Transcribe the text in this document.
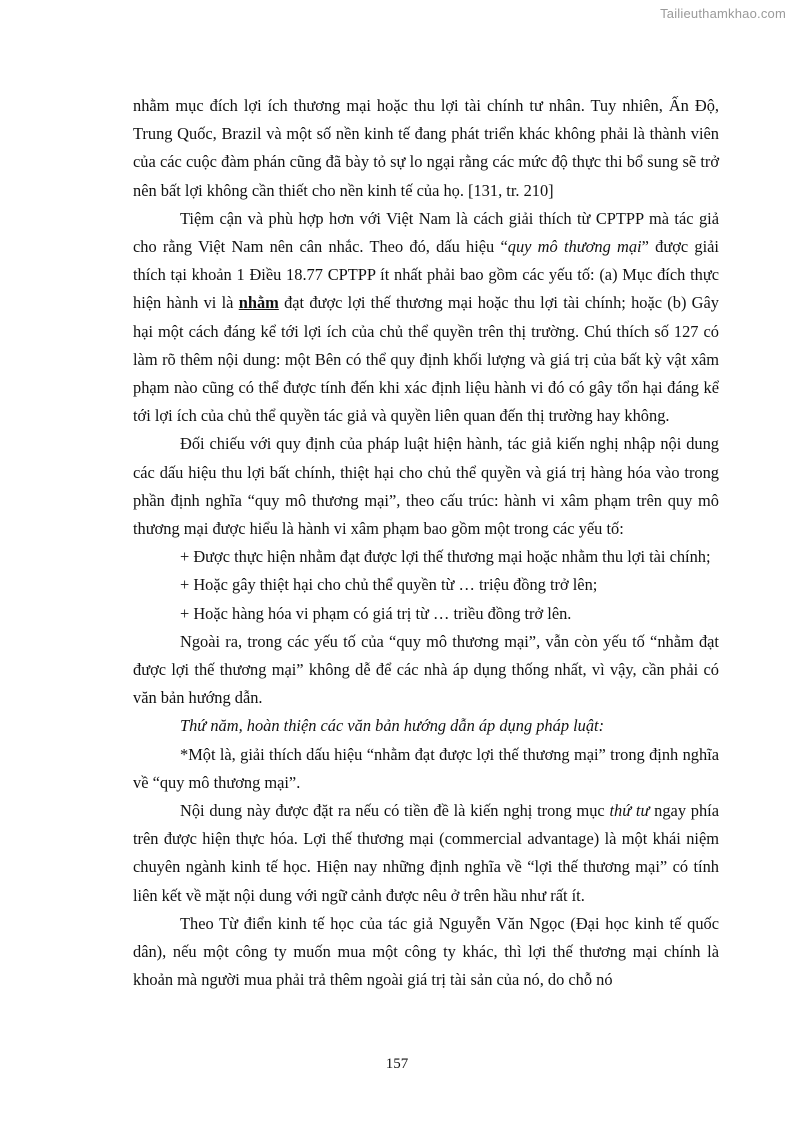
Tailieuthamkhao.com

nhằm mục đích lợi ích thương mại hoặc thu lợi tài chính tư nhân. Tuy nhiên, Ấn Độ, Trung Quốc, Brazil và một số nền kinh tế đang phát triển khác không phải là thành viên của các cuộc đàm phán cũng đã bày tỏ sự lo ngại rằng các mức độ thực thi bổ sung sẽ trở nên bất lợi không cần thiết cho nền kinh tế của họ. [131, tr. 210]

Tiệm cận và phù hợp hơn với Việt Nam là cách giải thích từ CPTPP mà tác giả cho rằng Việt Nam nên cân nhắc. Theo đó, dấu hiệu “quy mô thương mại” được giải thích tại khoản 1 Điều 18.77 CPTPP ít nhất phải bao gồm các yếu tố: (a) Mục đích thực hiện hành vi là nhằm đạt được lợi thế thương mại hoặc thu lợi tài chính; hoặc (b) Gây hại một cách đáng kể tới lợi ích của chủ thể quyền trên thị trường. Chú thích số 127 có làm rõ thêm nội dung: một Bên có thể quy định khối lượng và giá trị của bất kỳ vật xâm phạm nào cũng có thể được tính đến khi xác định liệu hành vi đó có gây tổn hại đáng kể tới lợi ích của chủ thể quyền tác giả và quyền liên quan đến thị trường hay không.

Đối chiếu với quy định của pháp luật hiện hành, tác giả kiến nghị nhập nội dung các dấu hiệu thu lợi bất chính, thiệt hại cho chủ thể quyền và giá trị hàng hóa vào trong phần định nghĩa “quy mô thương mại”, theo cấu trúc: hành vi xâm phạm trên quy mô thương mại được hiểu là hành vi xâm phạm bao gồm một trong các yếu tố:

+ Được thực hiện nhằm đạt được lợi thế thương mại hoặc nhằm thu lợi tài chính;

+ Hoặc gây thiệt hại cho chủ thể quyền từ … triệu đồng trở lên;

+ Hoặc hàng hóa vi phạm có giá trị từ … triều đồng trở lên.

Ngoài ra, trong các yếu tố của “quy mô thương mại”, vẫn còn yếu tố “nhằm đạt được lợi thế thương mại” không dễ để các nhà áp dụng thống nhất, vì vậy, cần phải có văn bản hướng dẫn.

Thứ năm, hoàn thiện các văn bản hướng dẫn áp dụng pháp luật:

*Một là, giải thích dấu hiệu “nhằm đạt được lợi thế thương mại” trong định nghĩa về “quy mô thương mại”.

Nội dung này được đặt ra nếu có tiền đề là kiến nghị trong mục thứ tư ngay phía trên được hiện thực hóa. Lợi thế thương mại (commercial advantage) là một khái niệm chuyên ngành kinh tế học. Hiện nay những định nghĩa về “lợi thế thương mại” có tính liên kết về mặt nội dung với ngữ cảnh được nêu ở trên hầu như rất ít.

Theo Từ điển kinh tế học của tác giả Nguyễn Văn Ngọc (Đại học kinh tế quốc dân), nếu một công ty muốn mua một công ty khác, thì lợi thế thương mại chính là khoản mà người mua phải trả thêm ngoài giá trị tài sản của nó, do chỗ nó

157
